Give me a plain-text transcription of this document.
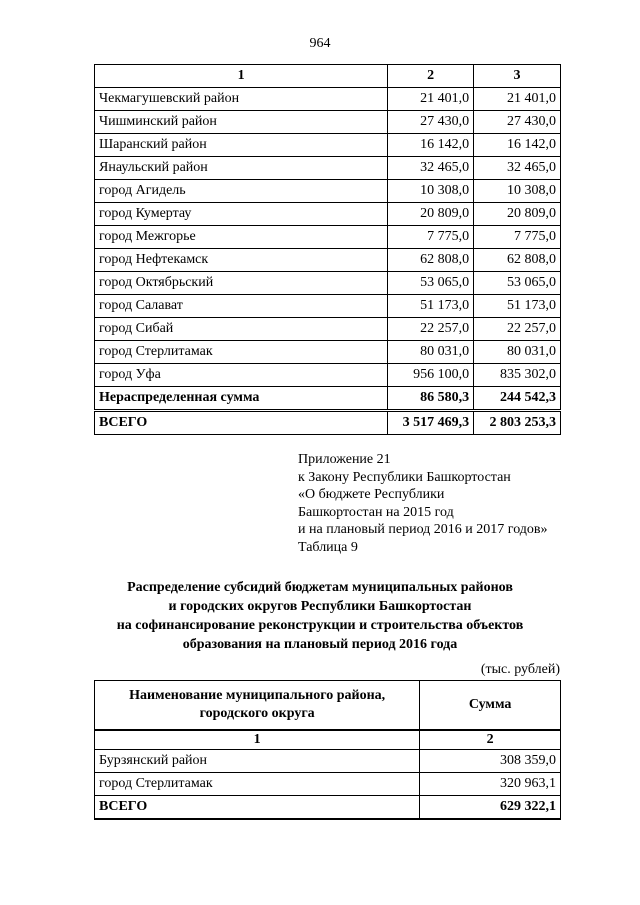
964
1	2	3
Чекмагушевский район	21 401,0	21 401,0
Чишминский район	27 430,0	27 430,0
Шаранский район	16 142,0	16 142,0
Янаульский район	32 465,0	32 465,0
город Агидель	10 308,0	10 308,0
город Кумертау	20 809,0	20 809,0
город Межгорье	7 775,0	7 775,0
город Нефтекамск	62 808,0	62 808,0
город Октябрьский	53 065,0	53 065,0
город Салават	51 173,0	51 173,0
город Сибай	22 257,0	22 257,0
город Стерлитамак	80 031,0	80 031,0
город Уфа	956 100,0	835 302,0
Нераспределенная сумма	86 580,3	244 542,3
ВСЕГО	3 517 469,3	2 803 253,3
Приложение 21
к Закону Республики Башкортостан
«О бюджете Республики
Башкортостан на 2015 год
и на плановый период 2016 и 2017 годов»
Таблица 9
Распределение субсидий бюджетам муниципальных районов
и городских округов Республики Башкортостан
на софинансирование реконструкции и строительства объектов
образования на плановый период 2016 года
(тыс. рублей)
Наименование муниципального района, городского округа	Сумма
1	2
Бурзянский район	308 359,0
город Стерлитамак	320 963,1
ВСЕГО	629 322,1
